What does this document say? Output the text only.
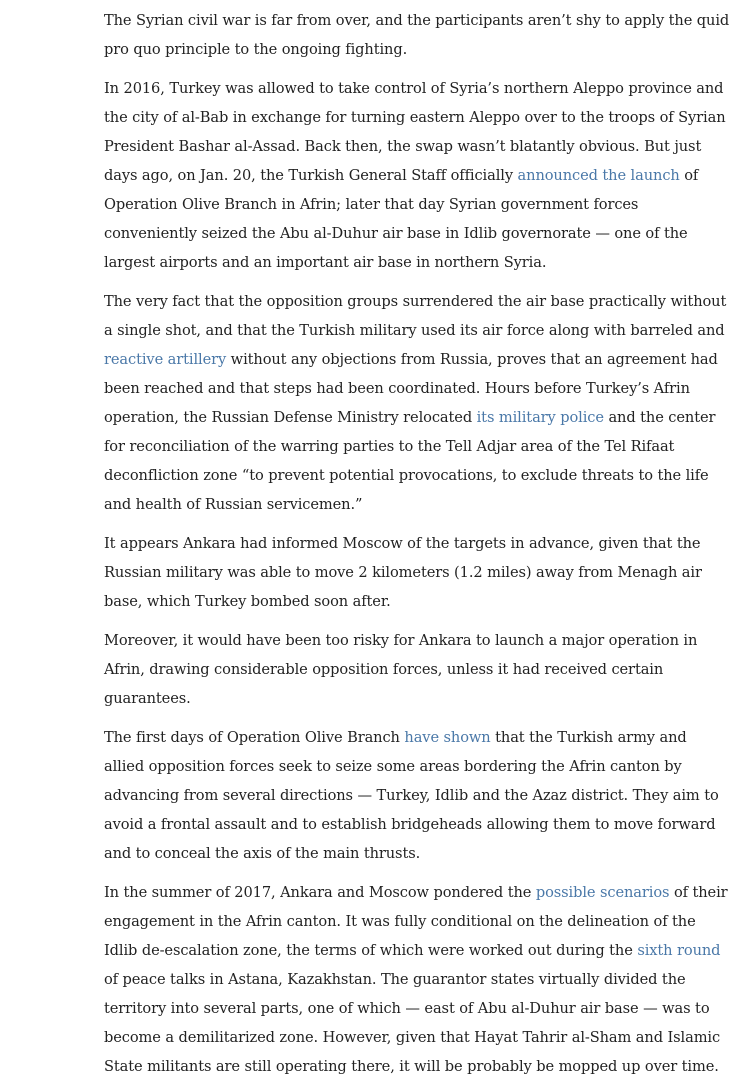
The Syrian civil war is far from over, and the participants aren’t shy to apply the quid pro quo principle to the ongoing fighting.

In 2016, Turkey was allowed to take control of Syria’s northern Aleppo province and the city of al-Bab in exchange for turning eastern Aleppo over to the troops of Syrian President Bashar al-Assad. Back then, the swap wasn’t blatantly obvious. But just days ago, on Jan. 20, the Turkish General Staff officially announced the launch of Operation Olive Branch in Afrin; later that day Syrian government forces conveniently seized the Abu al-Duhur air base in Idlib governorate — one of the largest airports and an important air base in northern Syria.

The very fact that the opposition groups surrendered the air base practically without a single shot, and that the Turkish military used its air force along with barreled and reactive artillery without any objections from Russia, proves that an agreement had been reached and that steps had been coordinated. Hours before Turkey’s Afrin operation, the Russian Defense Ministry relocated its military police and the center for reconciliation of the warring parties to the Tell Adjar area of the Tel Rifaat deconfliction zone “to prevent potential provocations, to exclude threats to the life and health of Russian servicemen.”

It appears Ankara had informed Moscow of the targets in advance, given that the Russian military was able to move 2 kilometers (1.2 miles) away from Menagh air base, which Turkey bombed soon after.

Moreover, it would have been too risky for Ankara to launch a major operation in Afrin, drawing considerable opposition forces, unless it had received certain guarantees.

The first days of Operation Olive Branch have shown that the Turkish army and allied opposition forces seek to seize some areas bordering the Afrin canton by advancing from several directions — Turkey, Idlib and the Azaz district. They aim to avoid a frontal assault and to establish bridgeheads allowing them to move forward and to conceal the axis of the main thrusts.

In the summer of 2017, Ankara and Moscow pondered the possible scenarios of their engagement in the Afrin canton. It was fully conditional on the delineation of the Idlib de-escalation zone, the terms of which were worked out during the sixth round of peace talks in Astana, Kazakhstan. The guarantor states virtually divided the territory into several parts, one of which — east of Abu al-Duhur air base — was to become a demilitarized zone. However, given that Hayat Tahrir al-Sham and Islamic State militants are still operating there, it will be probably be mopped up over time.
